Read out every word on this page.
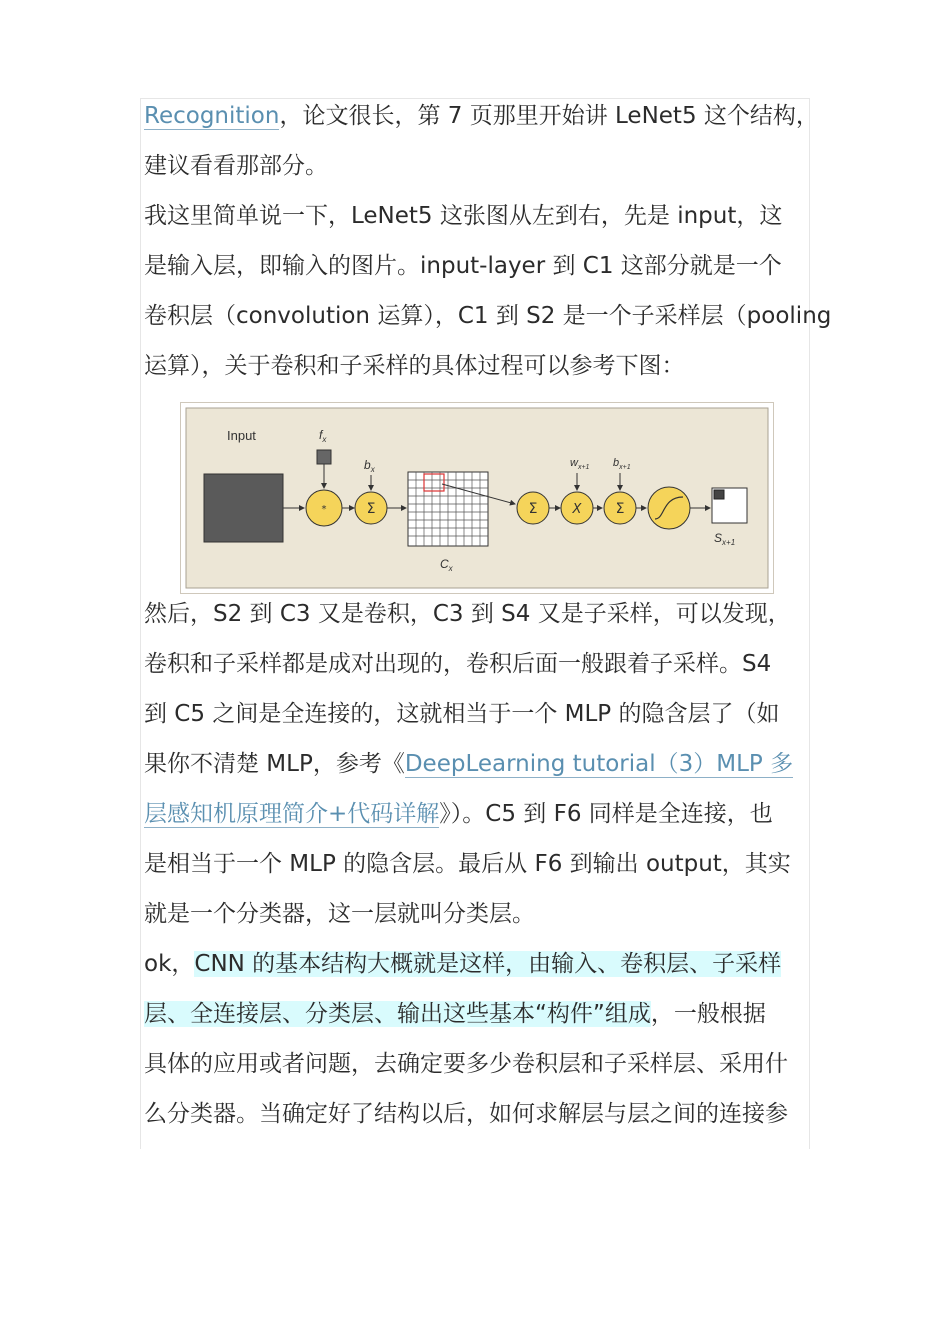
Recognition，论文很长，第 7 页那里开始讲 LeNet5 这个结构，
建议看看那部分。
我这里简单说一下，LeNet5 这张图从左到右，先是 input，这
是输入层，即输入的图片。input-layer 到 C1 这部分就是一个
卷积层（convolution 运算），C1 到 S2 是一个子采样层（pooling
运算），关于卷积和子采样的具体过程可以参考下图：
Input	$f_x$
*
$b_x$
Σ
$C_x$
Σ
$w_{x+1}$
X
$b_{x+1}$
Σ
$S_{x+1}$
然后，S2 到 C3 又是卷积，C3 到 S4 又是子采样，可以发现，
卷积和子采样都是成对出现的，卷积后面一般跟着子采样。S4
到 C5 之间是全连接的，这就相当于一个 MLP 的隐含层了（如
果你不清楚 MLP，参考《DeepLearning tutorial（3）MLP 多
层感知机原理简介+代码详解》）。C5 到 F6 同样是全连接，也
是相当于一个 MLP 的隐含层。最后从 F6 到输出 output，其实
就是一个分类器，这一层就叫分类层。
ok，CNN 的基本结构大概就是这样，由输入、卷积层、子采样
层、全连接层、分类层、输出这些基本“构件”组成，一般根据
具体的应用或者问题，去确定要多少卷积层和子采样层、采用什
么分类器。当确定好了结构以后，如何求解层与层之间的连接参
